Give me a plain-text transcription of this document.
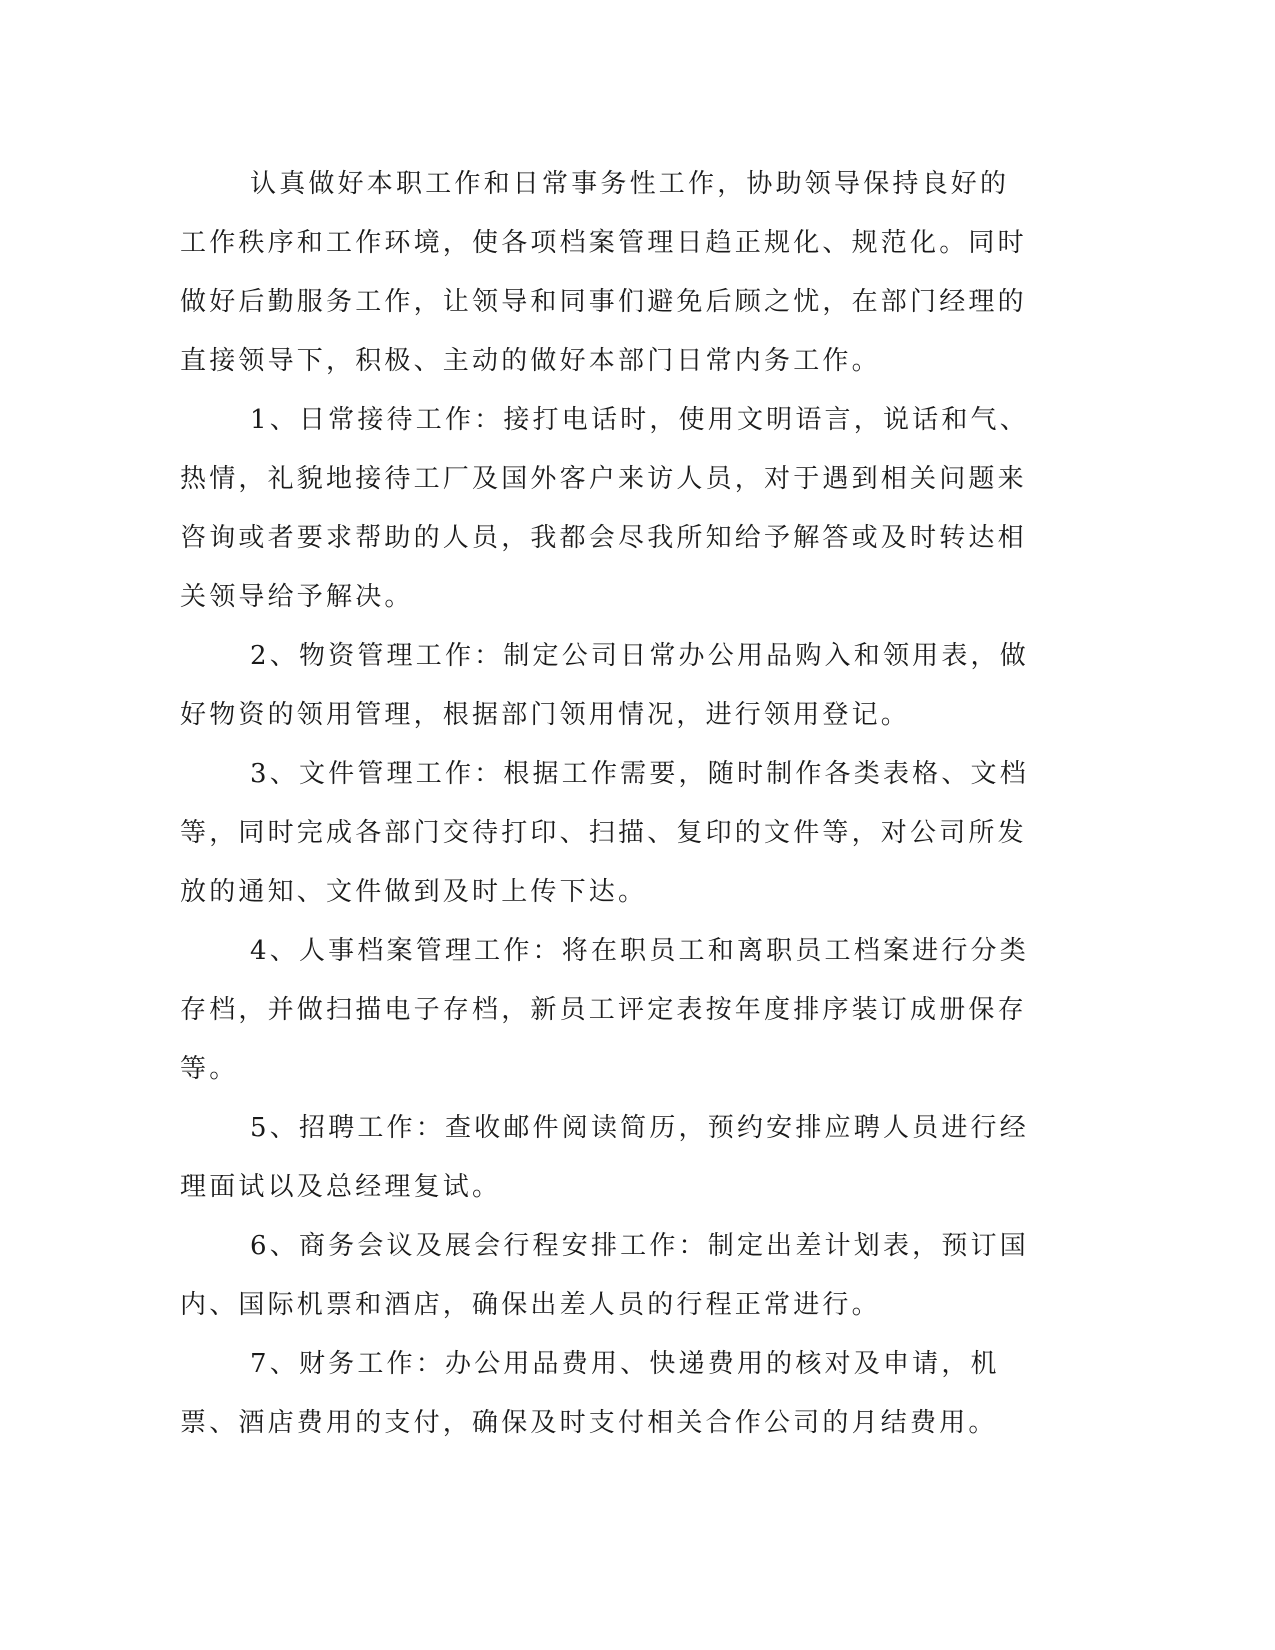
认真做好本职工作和日常事务性工作，协助领导保持良好的工作秩序和工作环境，使各项档案管理日趋正规化、规范化。同时做好后勤服务工作，让领导和同事们避免后顾之忧，在部门经理的直接领导下，积极、主动的做好本部门日常内务工作。

1、日常接待工作：接打电话时，使用文明语言，说话和气、热情，礼貌地接待工厂及国外客户来访人员，对于遇到相关问题来咨询或者要求帮助的人员，我都会尽我所知给予解答或及时转达相关领导给予解决。

2、物资管理工作：制定公司日常办公用品购入和领用表，做好物资的领用管理，根据部门领用情况，进行领用登记。

3、文件管理工作：根据工作需要，随时制作各类表格、文档等，同时完成各部门交待打印、扫描、复印的文件等，对公司所发放的通知、文件做到及时上传下达。

4、人事档案管理工作：将在职员工和离职员工档案进行分类存档，并做扫描电子存档，新员工评定表按年度排序装订成册保存等。

5、招聘工作：查收邮件阅读简历，预约安排应聘人员进行经理面试以及总经理复试。

6、商务会议及展会行程安排工作：制定出差计划表，预订国内、国际机票和酒店，确保出差人员的行程正常进行。

7、财务工作：办公用品费用、快递费用的核对及申请，机票、酒店费用的支付，确保及时支付相关合作公司的月结费用。
